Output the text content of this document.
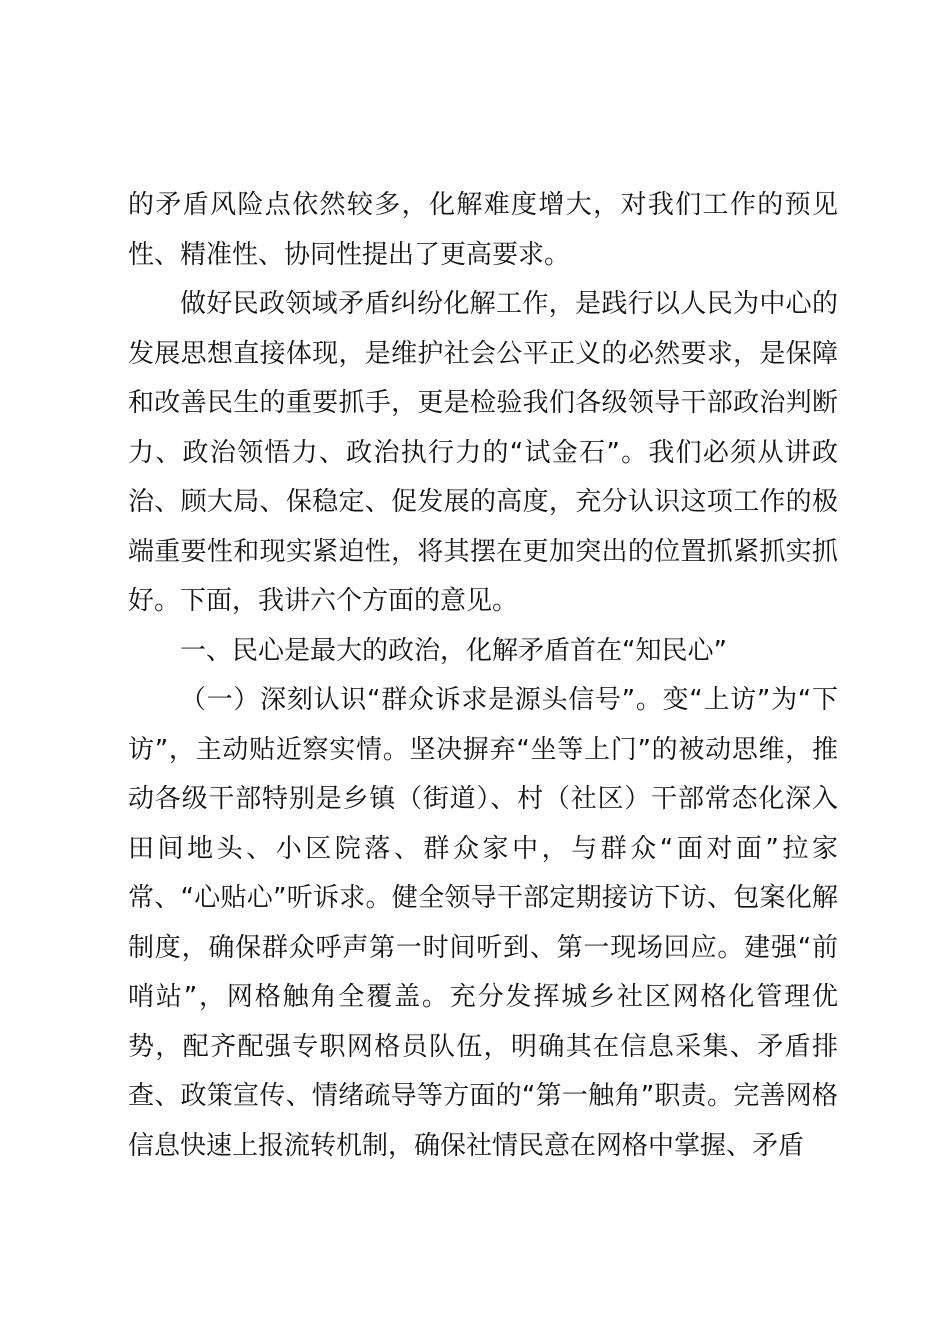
的矛盾风险点依然较多，化解难度增大，对我们工作的预见性、精准性、协同性提出了更高要求。

做好民政领域矛盾纠纷化解工作，是践行以人民为中心的发展思想直接体现，是维护社会公平正义的必然要求，是保障和改善民生的重要抓手，更是检验我们各级领导干部政治判断力、政治领悟力、政治执行力的“试金石”。我们必须从讲政治、顾大局、保稳定、促发展的高度，充分认识这项工作的极端重要性和现实紧迫性，将其摆在更加突出的位置抓紧抓实抓好。下面，我讲六个方面的意见。

一、民心是最大的政治，化解矛盾首在“知民心”

（一）深刻认识“群众诉求是源头信号”。变“上访”为“下访”，主动贴近察实情。坚决摒弃“坐等上门”的被动思维，推动各级干部特别是乡镇（街道）、村（社区）干部常态化深入田间地头、小区院落、群众家中，与群众“面对面”拉家常、“心贴心”听诉求。健全领导干部定期接访下访、包案化解制度，确保群众呼声第一时间听到、第一现场回应。建强“前哨站”，网格触角全覆盖。充分发挥城乡社区网格化管理优势，配齐配强专职网格员队伍，明确其在信息采集、矛盾排查、政策宣传、情绪疏导等方面的“第一触角”职责。完善网格信息快速上报流转机制，确保社情民意在网格中掌握、矛盾
